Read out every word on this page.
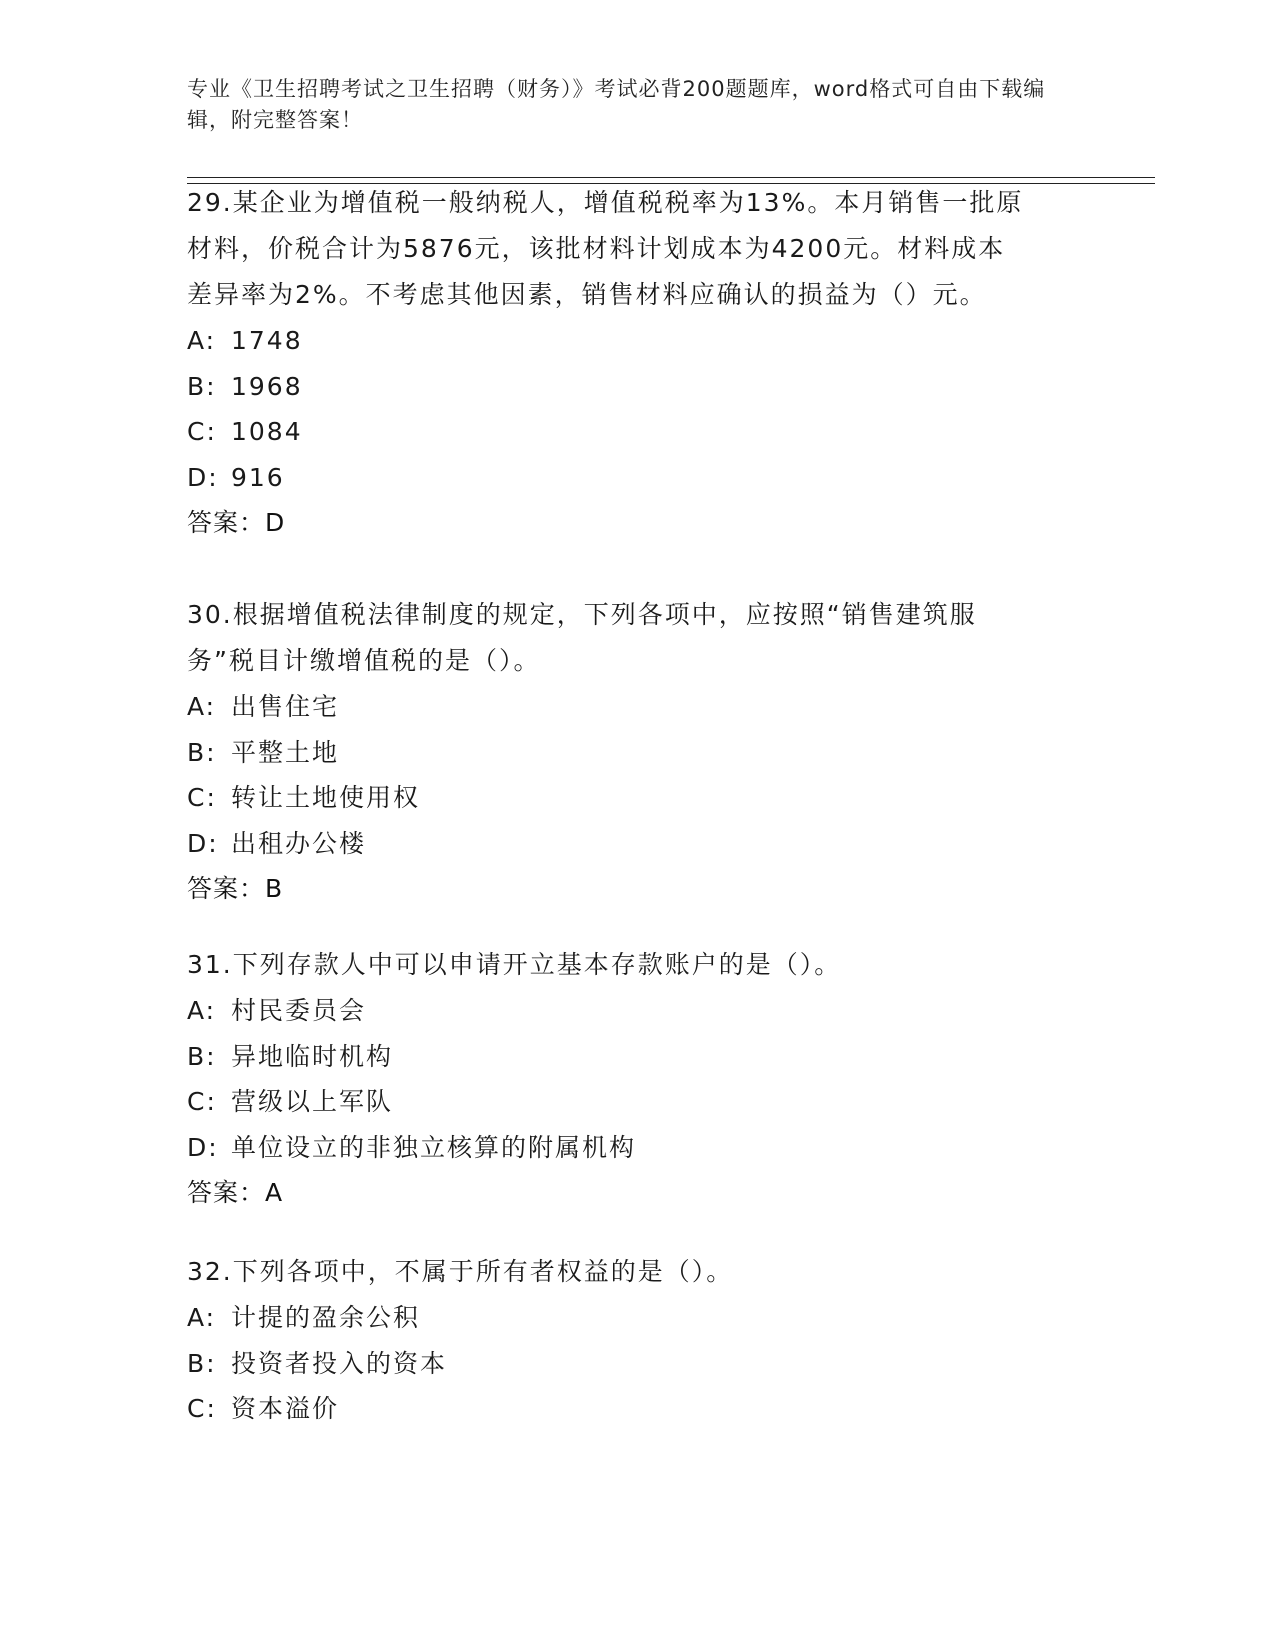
专业《卫生招聘考试之卫生招聘（财务）》考试必背200题题库，word格式可自由下载编辑，附完整答案！
29.某企业为增值税一般纳税人，增值税税率为13%。本月销售一批原材料，价税合计为5876元，该批材料计划成本为4200元。材料成本差异率为2%。不考虑其他因素，销售材料应确认的损益为（）元。
A: 1748
B: 1968
C: 1084
D: 916
答案：D
30.根据增值税法律制度的规定，下列各项中，应按照“销售建筑服务”税目计缴增值税的是（）。
A: 出售住宅
B: 平整土地
C: 转让土地使用权
D: 出租办公楼
答案：B
31.下列存款人中可以申请开立基本存款账户的是（）。
A: 村民委员会
B: 异地临时机构
C: 营级以上军队
D: 单位设立的非独立核算的附属机构
答案：A
32.下列各项中，不属于所有者权益的是（）。
A: 计提的盈余公积
B: 投资者投入的资本
C: 资本溢价
